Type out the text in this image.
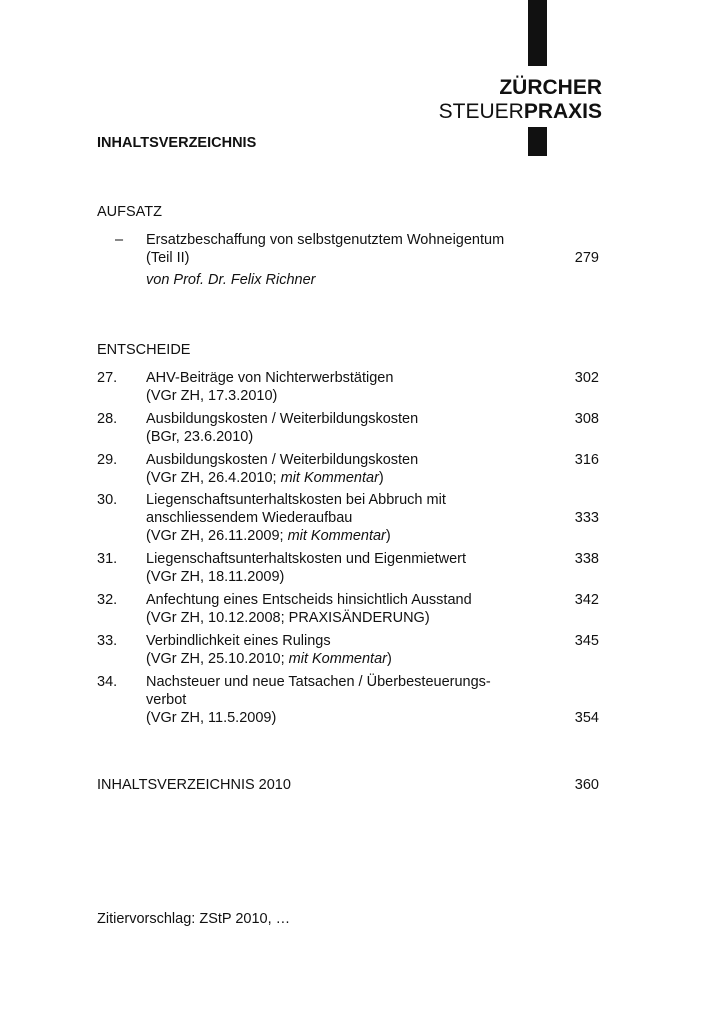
ZÜRCHER
STEUERPRAXIS
INHALTSVERZEICHNIS
AUFSATZ
– Ersatzbeschaffung von selbstgenutztem Wohneigentum
(Teil II)
von Prof. Dr. Felix Richner
279
ENTSCHEIDE
27. AHV-Beiträge von Nichterwerbstätigen
(VGr ZH, 17.3.2010)
302
28. Ausbildungskosten / Weiterbildungskosten
(BGr, 23.6.2010)
308
29. Ausbildungskosten / Weiterbildungskosten
(VGr ZH, 26.4.2010; mit Kommentar)
316
30. Liegenschaftsunterhaltskosten bei Abbruch mit
anschliessendem Wiederaufbau
(VGr ZH, 26.11.2009; mit Kommentar)
333
31. Liegenschaftsunterhaltskosten und Eigenmietwert
(VGr ZH, 18.11.2009)
338
32. Anfechtung eines Entscheids hinsichtlich Ausstand
(VGr ZH, 10.12.2008; PRAXISÄNDERUNG)
342
33. Verbindlichkeit eines Rulings
(VGr ZH, 25.10.2010; mit Kommentar)
345
34. Nachsteuer und neue Tatsachen / Überbesteuerungs-
verbot
(VGr ZH, 11.5.2009)	354
INHALTSVERZEICHNIS 2010	360
Zitiervorschlag: ZStP 2010, …
